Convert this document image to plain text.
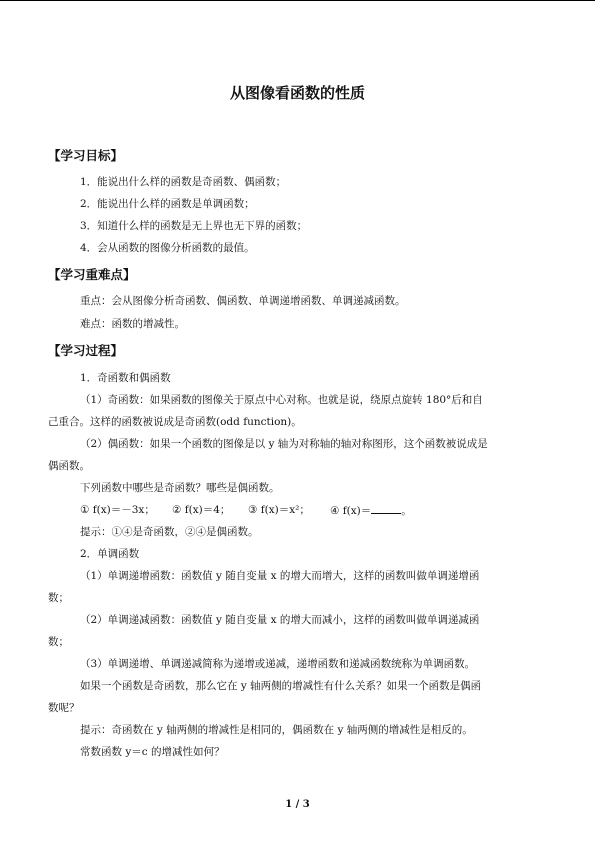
从图像看函数的性质
【学习目标】
1．能说出什么样的函数是奇函数、偶函数；
2．能说出什么样的函数是单调函数；
3．知道什么样的函数是无上界也无下界的函数；
4．会从函数的图像分析函数的最值。
【学习重难点】
重点：会从图像分析奇函数、偶函数、单调递增函数、单调递减函数。
难点：函数的增减性。
【学习过程】
1．奇函数和偶函数
（1）奇函数：如果函数的图像关于原点中心对称。也就是说，绕原点旋转 180°后和自
己重合。这样的函数被说成是奇函数(odd function)。
（2）偶函数：如果一个函数的图像是以 y 轴为对称轴的轴对称图形，这个函数被说成是
偶函数。
下列函数中哪些是奇函数？哪些是偶函数。
① f(x)＝－3x； ② f(x)＝4； ③ f(x)＝x²； ④ f(x)＝	。
提示：①④是奇函数，②④是偶函数。
2．单调函数
（1）单调递增函数：函数值 y 随自变量 x 的增大而增大，这样的函数叫做单调递增函
数；
（2）单调递减函数：函数值 y 随自变量 x 的增大而减小，这样的函数叫做单调递减函
数；
（3）单调递增、单调递减简称为递增或递减，递增函数和递减函数统称为单调函数。
如果一个函数是奇函数，那么它在 y 轴两侧的增减性有什么关系？如果一个函数是偶函
数呢？
提示：奇函数在 y 轴两侧的增减性是相同的，偶函数在 y 轴两侧的增减性是相反的。
常数函数 y＝c 的增减性如何？
1 / 3
